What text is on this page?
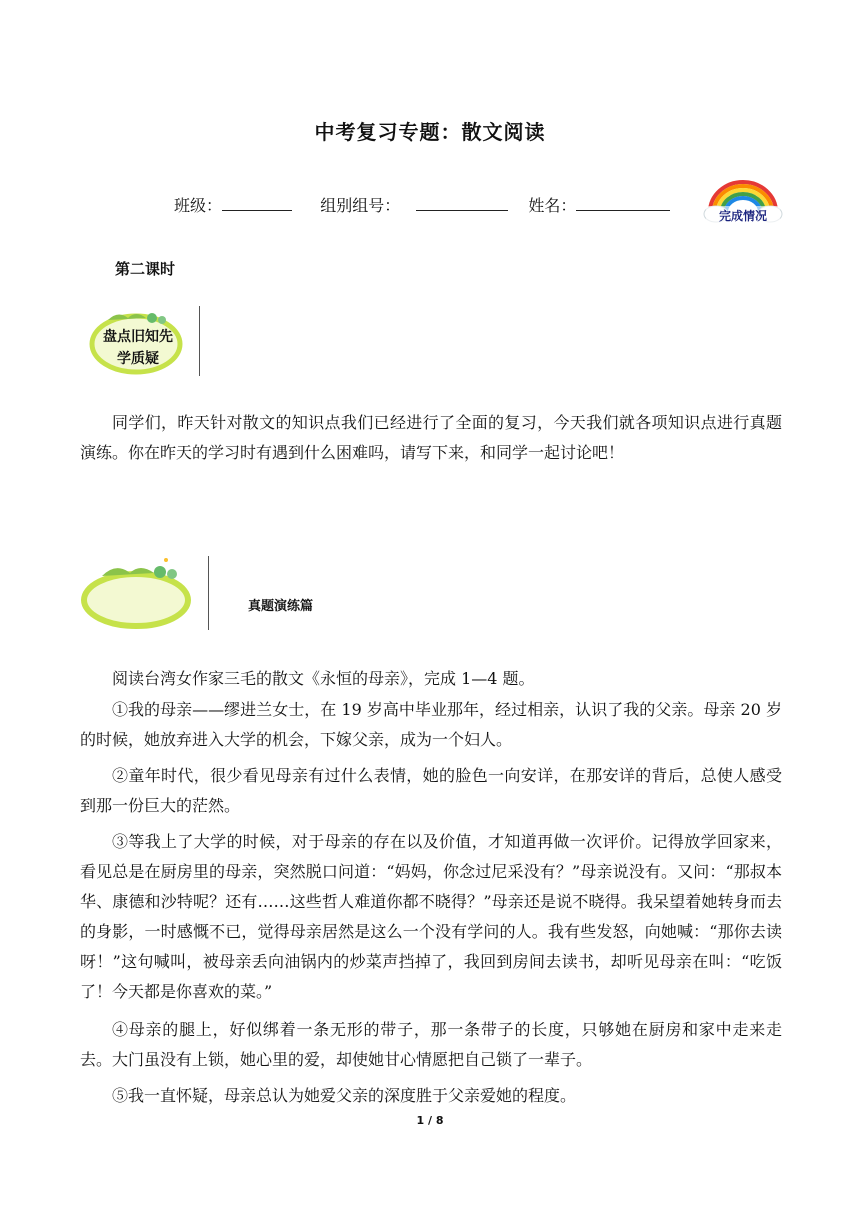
中考复习专题：散文阅读
班级：	组别组号：	姓名：
完成情况
第二课时
盘点旧知先学质疑

同学们，昨天针对散文的知识点我们已经进行了全面的复习，今天我们就各项知识点进行真题演练。你在昨天的学习时有遇到什么困难吗，请写下来，和同学一起讨论吧！

真题演练篇

阅读台湾女作家三毛的散文《永恒的母亲》，完成 1—4 题。

①我的母亲——缪进兰女士，在 19 岁高中毕业那年，经过相亲，认识了我的父亲。母亲 20 岁的时候，她放弃进入大学的机会，下嫁父亲，成为一个妇人。

②童年时代，很少看见母亲有过什么表情，她的脸色一向安详，在那安详的背后，总使人感受到那一份巨大的茫然。

③等我上了大学的时候，对于母亲的存在以及价值，才知道再做一次评价。记得放学回家来，看见总是在厨房里的母亲，突然脱口问道：“妈妈，你念过尼采没有？”母亲说没有。又问：“那叔本华、康德和沙特呢？还有……这些哲人难道你都不晓得？”母亲还是说不晓得。我呆望着她转身而去的身影，一时感慨不已，觉得母亲居然是这么一个没有学问的人。我有些发怒，向她喊：“那你去读呀！”这句喊叫，被母亲丢向油锅内的炒菜声挡掉了，我回到房间去读书，却听见母亲在叫：“吃饭了！今天都是你喜欢的菜。”

④母亲的腿上，好似绑着一条无形的带子，那一条带子的长度，只够她在厨房和家中走来走去。大门虽没有上锁，她心里的爱，却使她甘心情愿把自己锁了一辈子。

⑤我一直怀疑，母亲总认为她爱父亲的深度胜于父亲爱她的程度。

1 / 8
